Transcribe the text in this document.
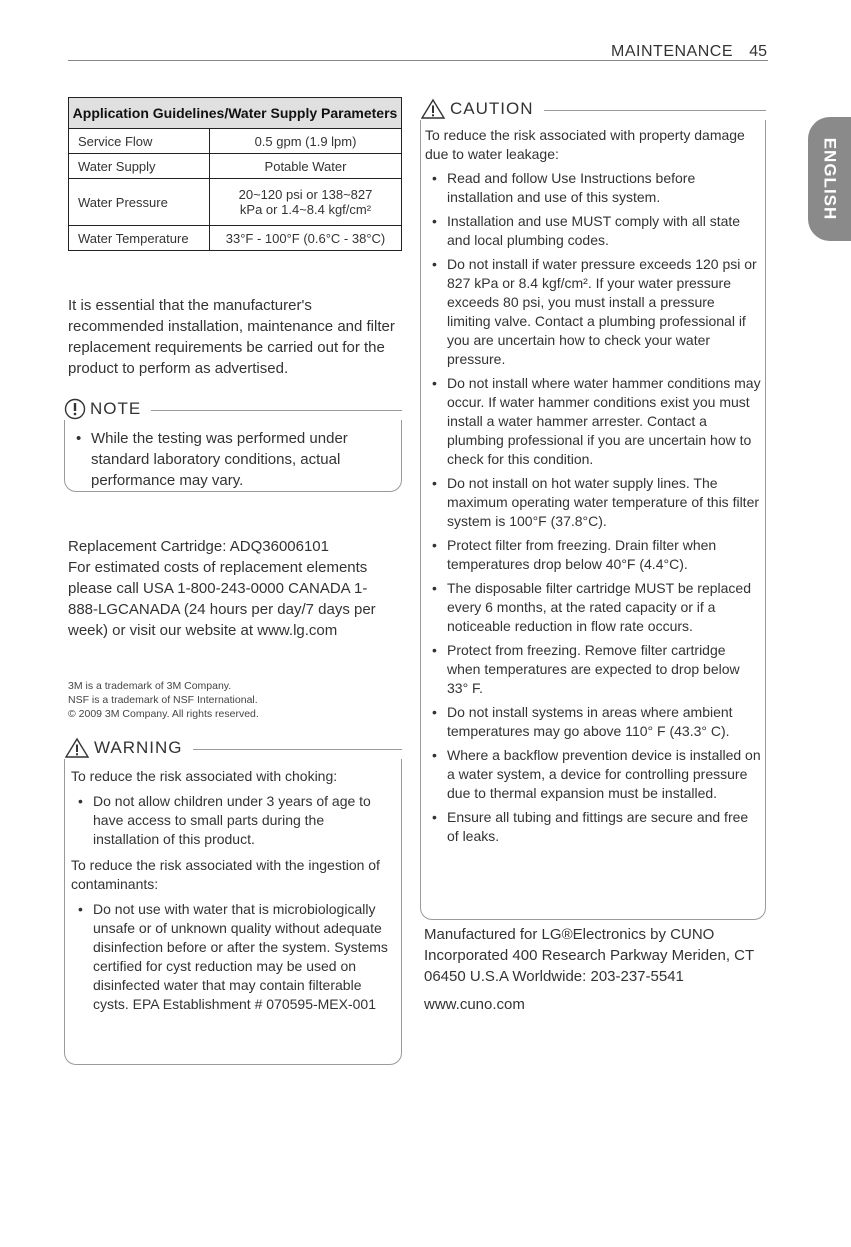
MAINTENANCE 45
ENGLISH
Application Guidelines/Water Supply Parameters	
Service Flow	0.5 gpm (1.9 lpm)
Water Supply	Potable Water
Water Pressure	20~120 psi or 138~827
kPa or 1.4~8.4 kgf/cm²

Water Temperature	33°F - 100°F (0.6°C - 38°C)
It is essential that the manufacturer's recommended installation, maintenance and filter replacement requirements be carried out for the product to perform as advertised.
NOTE
• While the testing was performed under standard laboratory conditions, actual performance may vary.
Replacement Cartridge: ADQ36006101
For estimated costs of replacement elements please call USA 1-800-243-0000 CANADA 1-888-LGCANADA (24 hours per day/7 days per week) or visit our website at www.lg.com
3M is a trademark of 3M Company.
NSF is a trademark of NSF International.
© 2009 3M Company. All rights reserved.
WARNING
To reduce the risk associated with choking:
• Do not allow children under 3 years of age to have access to small parts during the installation of this product.
To reduce the risk associated with the ingestion of contaminants:
• Do not use with water that is microbiologically unsafe or of unknown quality without adequate disinfection before or after the system. Systems certified for cyst reduction may be used on disinfected water that may contain filterable cysts. EPA Establishment # 070595-MEX-001
CAUTION
To reduce the risk associated with property damage due to water leakage:
• Read and follow Use Instructions before installation and use of this system.
• Installation and use MUST comply with all state and local plumbing codes.
• Do not install if water pressure exceeds 120 psi or 827 kPa or 8.4 kgf/cm². If your water pressure exceeds 80 psi, you must install a pressure limiting valve. Contact a plumbing professional if you are uncertain how to check your water pressure.
• Do not install where water hammer conditions may occur. If water hammer conditions exist you must install a water hammer arrester. Contact a plumbing professional if you are uncertain how to check for this condition.
• Do not install on hot water supply lines. The maximum operating water temperature of this filter system is 100°F (37.8°C).
• Protect filter from freezing. Drain filter when temperatures drop below 40°F (4.4°C).
• The disposable filter cartridge MUST be replaced every 6 months, at the rated capacity or if a noticeable reduction in flow rate occurs.
• Protect from freezing. Remove filter cartridge when temperatures are expected to drop below 33° F.
• Do not install systems in areas where ambient temperatures may go above 110° F (43.3° C).
• Where a backflow prevention device is installed on a water system, a device for controlling pressure due to thermal expansion must be installed.
• Ensure all tubing and fittings are secure and free of leaks.
Manufactured for LG®Electronics by CUNO Incorporated 400 Research Parkway Meriden, CT 06450 U.S.A Worldwide: 203-237-5541
www.cuno.com
